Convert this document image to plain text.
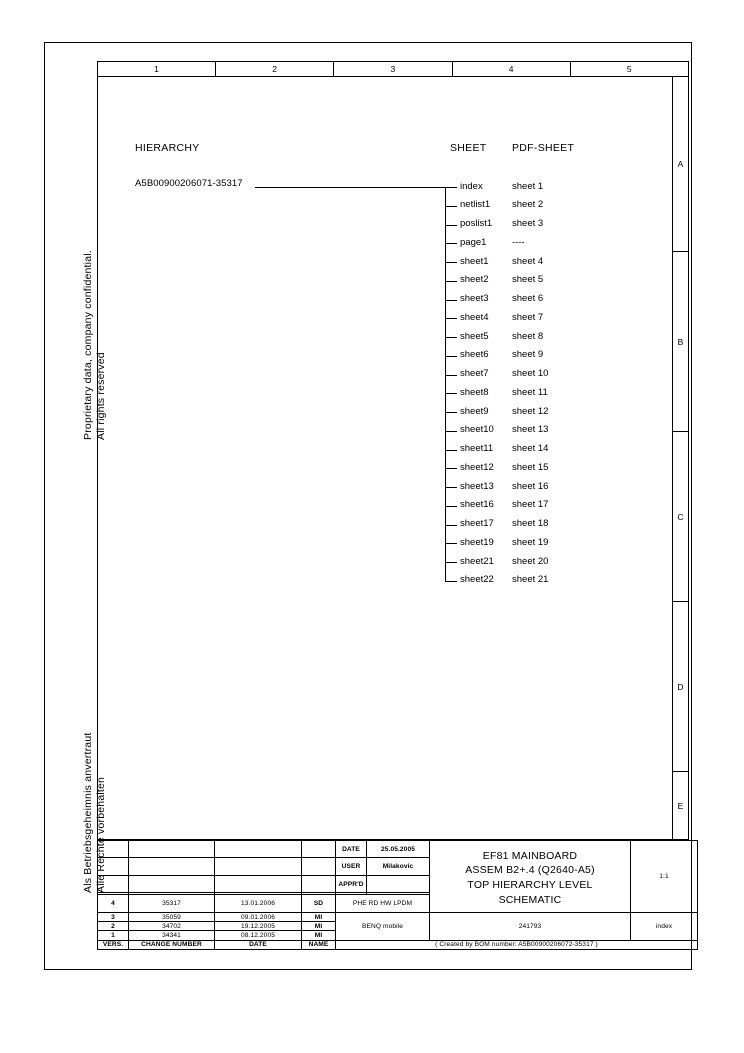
1	2	3	4	5
A
B
C
D
E
Proprietary data, company confidential. All rights reserved
Als Betriebsgeheimnis anvertraut Alle Rechte vorbehalten
HIERARCHY	SHEET PDF-SHEET
A5B00900206071-35317	index	sheet 1
netlist1 sheet 2
poslist1 sheet 3
page1	----
sheet1 sheet 4
sheet2 sheet 5
sheet3 sheet 6
sheet4 sheet 7
sheet5 sheet 8
sheet6 sheet 9
sheet7 sheet 10
sheet8 sheet 11
sheet9 sheet 12
sheet10 sheet 13
sheet11 sheet 14
sheet12 sheet 15
sheet13 sheet 16
sheet16 sheet 17
sheet17 sheet 18
sheet19 sheet 19
sheet21 sheet 20
sheet22 sheet 21
				DATE	25.05.2005	EF81 MAINBOARD
ASSEM B2+.4 (Q2640-A5)
TOP HIERARCHY LEVEL
SCHEMATIC	1:1
				USER	Milakovic		
				APPR'D			

4	35317	13.01.2006	SD	PHE RD HW LPDM			
3	35059	09.01.2006	MI	BENQ mobile		241793	index
2	34702	19.12.2005	MI				
1	34341	08.12.2005	MI				
VERS.	CHANGE NUMBER	DATE	NAME	( Created by BOM number: A5B00900206072-35317 )			
